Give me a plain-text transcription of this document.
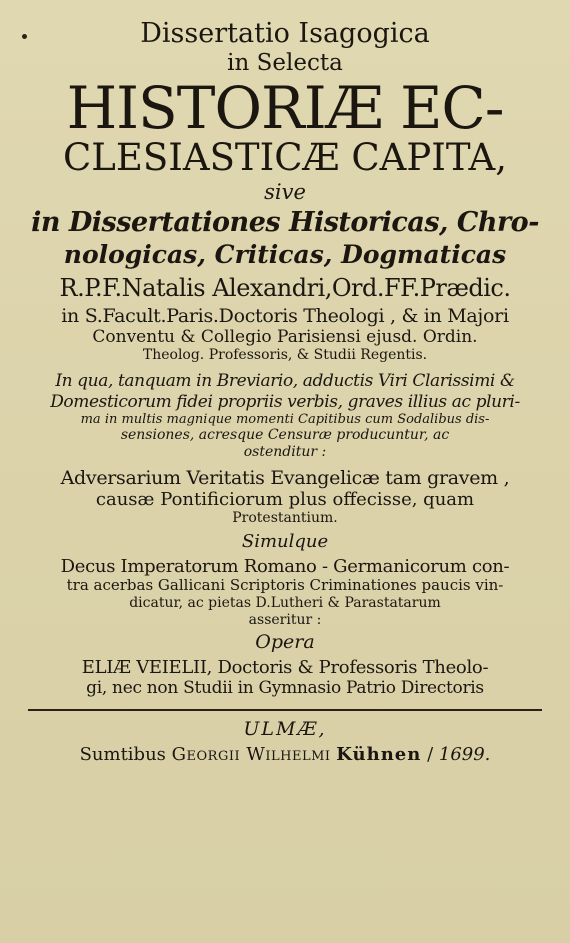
Dissertatio Isagogica
in Selecta
HISTORIÆ EC-
CLESIASTICÆ CAPITA,
sive
in Dissertationes Historicas, Chro-
nologicas, Criticas, Dogmaticas
R.P.F.Natalis Alexandri,Ord.FF.Prædic.
in S.Facult.Paris.Doctoris Theologi , & in Majori
Conventu & Collegio Parisiensi ejusd. Ordin.
Theolog. Professoris, & Studii Regentis.
In qua, tanquam in Breviario, adductis Viri Clarissimi &
Domesticorum fidei propriis verbis, graves illius ac pluri-
ma in multis magnique momenti Capitibus cum Sodalibus dis-
sensiones, acresque Censuræ producuntur, ac
ostenditur :
Adversarium Veritatis Evangelicæ tam gravem ,
causæ Pontificiorum plus offecisse, quam
Protestantium.
Simulque
Decus Imperatorum Romano - Germanicorum con-
tra acerbas Gallicani Scriptoris Criminationes paucis vin-
dicatur, ac pietas D.Lutheri & Parastatarum
asseritur :
Opera
ELIÆ VEIELII, Doctoris & Professoris Theolo-
gi, nec non Studii in Gymnasio Patrio Directoris
ULMÆ,
Sumtibus Georgii Wilhelmi Kühnen / 1699.
